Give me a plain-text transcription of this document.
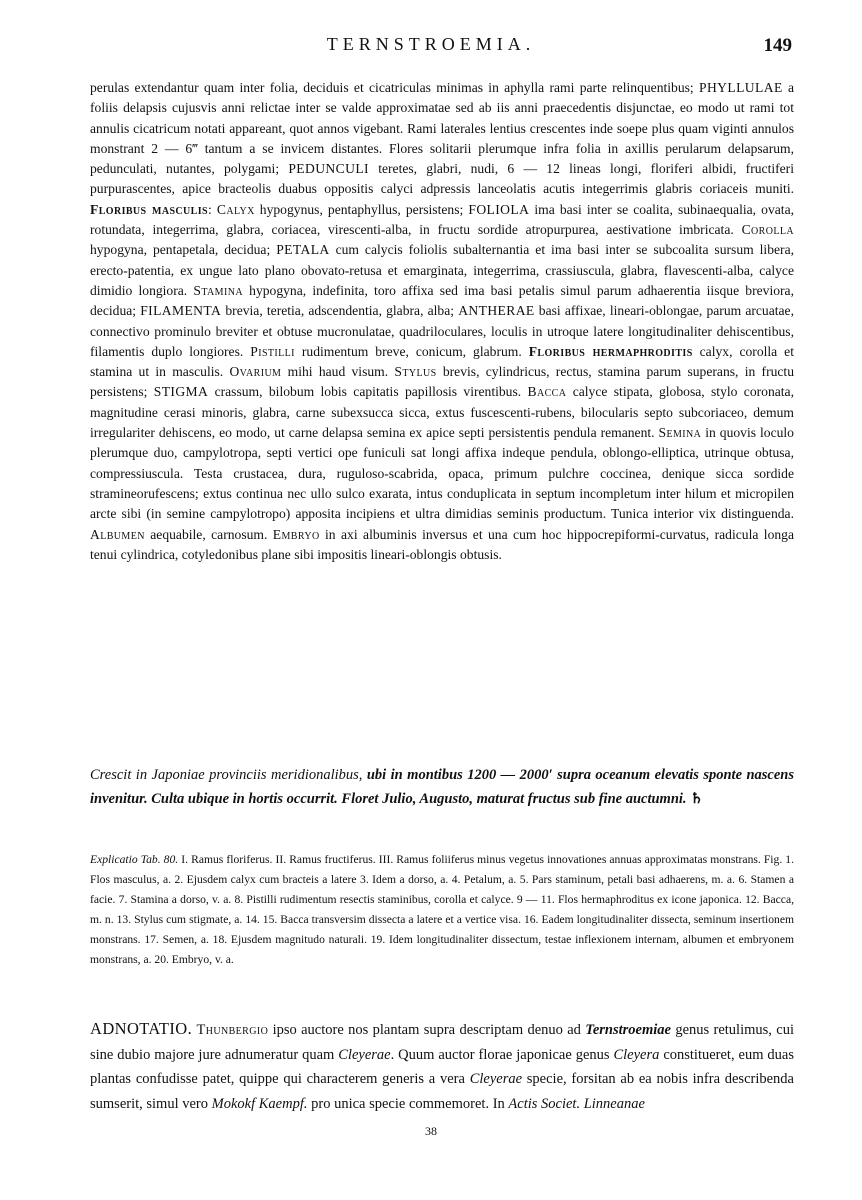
TERNSTROEMIA.	149

perulas extendantur quam inter folia, deciduis et cicatriculas minimas in aphylla rami parte relinquentibus; PHYLLULAE a foliis delapsis cujusvis anni relictae inter se valde approximatae sed ab iis anni praecedentis disjunctae, eo modo ut rami tot annulis cicatricum notati appareant, quot annos vigebant. Rami laterales lentius crescentes inde soepe plus quam viginti annulos monstrant 2 — 6‴ tantum a se invicem distantes. Flores solitarii plerumque infra folia in axillis perularum delapsarum, pedunculati, nutantes, polygami; PEDUNCULI teretes, glabri, nudi, 6 — 12 lineas longi, floriferi albidi, fructiferi purpurascentes, apice bracteolis duabus oppositis calyci adpressis lanceolatis acutis integerrimis glabris coriaceis muniti. Floribus masculis: Calyx hypogynus, pentaphyllus, persistens; FOLIOLA ima basi inter se coalita, subinaequalia, ovata, rotundata, integerrima, glabra, coriacea, virescenti-alba, in fructu sordide atropurpurea, aestivatione imbricata. Corolla hypogyna, pentapetala, decidua; PETALA cum calycis foliolis subalternantia et ima basi inter se subcoalita sursum libera, erecto-patentia, ex ungue lato plano obovato-retusa et emarginata, integerrima, crassiuscula, glabra, flavescenti-alba, calyce dimidio longiora. Stamina hypogyna, indefinita, toro affixa sed ima basi petalis simul parum adhaerentia iisque breviora, decidua; FILAMENTA brevia, teretia, adscendentia, glabra, alba; ANTHERAE basi affixae, lineari-oblongae, parum arcuatae, connectivo prominulo breviter et obtuse mucronulatae, quadriloculares, loculis in utroque latere longitudinaliter dehiscentibus, filamentis duplo longiores. Pistilli rudimentum breve, conicum, glabrum. Floribus hermaphroditis calyx, corolla et stamina ut in masculis. Ovarium mihi haud visum. Stylus brevis, cylindricus, rectus, stamina parum superans, in fructu persistens; STIGMA crassum, bilobum lobis capitatis papillosis virentibus. Bacca calyce stipata, globosa, stylo coronata, magnitudine cerasi minoris, glabra, carne subexsucca sicca, extus fuscescenti-rubens, bilocularis septo subcoriaceo, demum irregulariter dehiscens, eo modo, ut carne delapsa semina ex apice septi persistentis pendula remanent. Semina in quovis loculo plerumque duo, campylotropa, septi vertici ope funiculi sat longi affixa indeque pendula, oblongo-elliptica, utrinque obtusa, compressiuscula. Testa crustacea, dura, ruguloso-scabrida, opaca, primum pulchre coccinea, denique sicca sordide stramineorufescens; extus continua nec ullo sulco exarata, intus conduplicata in septum incompletum inter hilum et micropilen arcte sibi (in semine campylotropo) apposita incipiens et ultra dimidias seminis productum. Tunica interior vix distinguenda. Albumen aequabile, carnosum. Embryo in axi albuminis inversus et una cum hoc hippocrepiformi-curvatus, radicula longa tenui cylindrica, cotyledonibus plane sibi impositis lineari-oblongis obtusis.

Crescit in Japoniae provinciis meridionalibus, ubi in montibus 1200 — 2000′ supra oceanum elevatis sponte nascens invenitur. Culta ubique in hortis occurrit. Floret Julio, Augusto, maturat fructus sub fine auctumni. ♄
Explicatio Tab. 80. I. Ramus floriferus. II. Ramus fructiferus. III. Ramus foliiferus minus vegetus innovationes annuas approximatas monstrans. Fig. 1. Flos masculus, a. 2. Ejusdem calyx cum bracteis a latere 3. Idem a dorso, a. 4. Petalum, a. 5. Pars staminum, petali basi adhaerens, m. a. 6. Stamen a facie. 7. Stamina a dorso, v. a. 8. Pistilli rudimentum resectis staminibus, corolla et calyce. 9 — 11. Flos hermaphroditus ex icone japonica. 12. Bacca, m. n. 13. Stylus cum stigmate, a. 14. 15. Bacca transversim dissecta a latere et a vertice visa. 16. Eadem longitudinaliter dissecta, seminum insertionem monstrans. 17. Semen, a. 18. Ejusdem magnitudo naturali. 19. Idem longitudinaliter dissectum, testae inflexionem internam, albumen et embryonem monstrans, a. 20. Embryo, v. a.
ADNOTATIO. Thunbergio ipso auctore nos plantam supra descriptam denuo ad Ternstroemiae genus retulimus, cui sine dubio majore jure adnumeratur quam Cleyerae. Quum auctor florae japonicae genus Cleyera constitueret, eum duas plantas confudisse patet, quippe qui characterem generis a vera Cleyerae specie, forsitan ab ea nobis infra describenda sumserit, simul vero Mokokf Kaempf. pro unica specie commemoret. In Actis Societ. Linneanae
38
